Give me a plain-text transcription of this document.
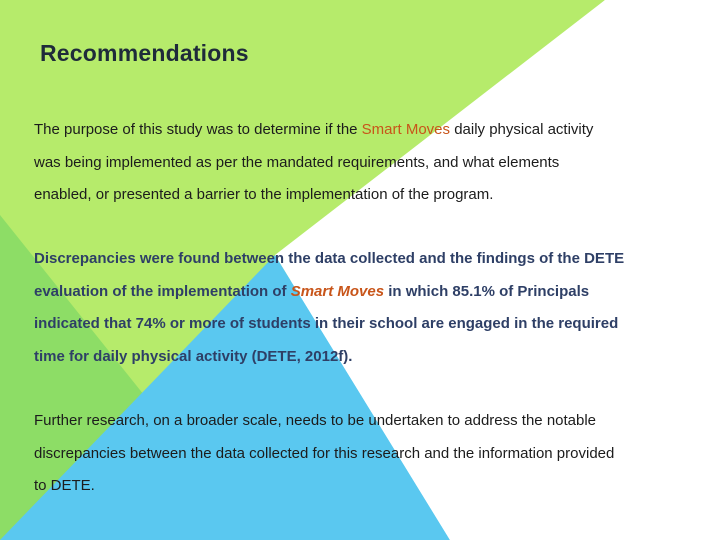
Recommendations

The purpose of this study was to determine if the Smart Moves daily physical activity
was being implemented as per the mandated requirements, and what elements
enabled, or presented a barrier to the implementation of the program.

Discrepancies were found between the data collected and the findings of the DETE
evaluation of the implementation of Smart Moves in which 85.1% of Principals
indicated that 74% or more of students in their school are engaged in the required
time for daily physical activity (DETE, 2012f).

Further research, on a broader scale, needs to be undertaken to address the notable
discrepancies between the data collected for this research and the information provided
to DETE.
